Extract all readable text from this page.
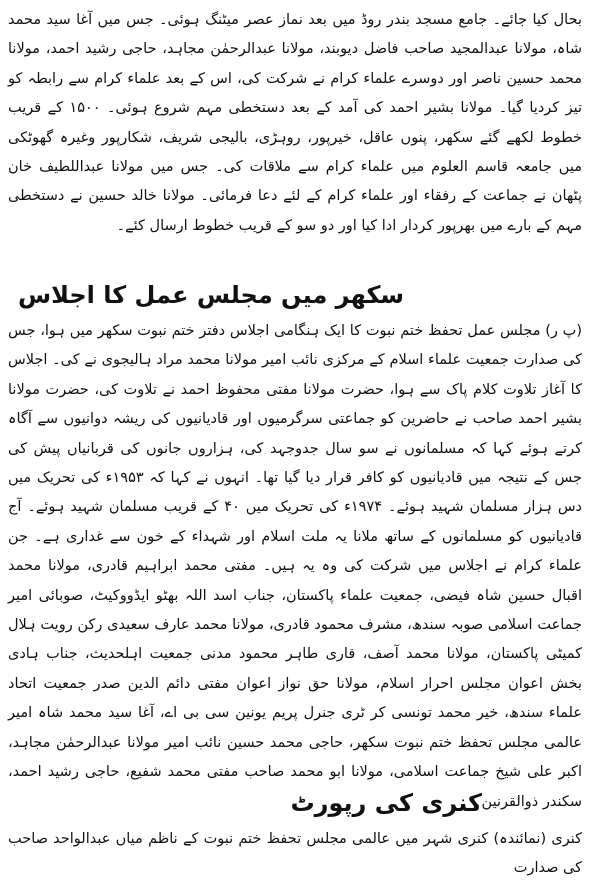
بحال کیا جائے۔ جامع مسجد بندر روڈ میں بعد نماز عصر میٹنگ ہوئی۔ جس میں آغا سید محمد شاہ، مولانا عبدالمجید صاحب فاضل دیوبند، مولانا عبدالرحمٰن مجاہد، حاجی رشید احمد، مولانا محمد حسین ناصر اور دوسرے علماء کرام نے شرکت کی، اس کے بعد علماء کرام سے رابطہ کو تیز کردیا گیا۔ مولانا بشیر احمد کی آمد کے بعد دستخطی مہم شروع ہوئی۔ ۱۵۰۰ کے قریب خطوط لکھے گئے سکھر، پنوں عاقل، خیرپور، روہڑی، بالیجی شریف، شکارپور وغیرہ گھوٹکی میں جامعہ قاسم العلوم میں علماء کرام سے ملاقات کی۔ جس میں مولانا عبداللطیف خان پٹھان نے جماعت کے رفقاء اور علماء کرام کے لئے دعا فرمائی۔ مولانا خالد حسین نے دستخطی مہم کے بارے میں بھرپور کردار ادا کیا اور دو سو کے قریب خطوط ارسال کئے۔

سکھر میں مجلس عمل کا اجلاس

(پ ر) مجلس عمل تحفظ ختم نبوت کا ایک ہنگامی اجلاس دفتر ختم نبوت سکھر میں ہوا، جس کی صدارت جمعیت علماء اسلام کے مرکزی نائب امیر مولانا محمد مراد ہالیجوی نے کی۔ اجلاس کا آغاز تلاوت کلام پاک سے ہوا، حضرت مولانا مفتی محفوظ احمد نے تلاوت کی، حضرت مولانا بشیر احمد صاحب نے حاضرین کو جماعتی سرگرمیوں اور قادیانیوں کی ریشہ دوانیوں سے آگاہ کرتے ہوئے کہا کہ مسلمانوں نے سو سال جدوجہد کی، ہزاروں جانوں کی قربانیاں پیش کی جس کے نتیجہ میں قادیانیوں کو کافر قرار دیا گیا تھا۔ انہوں نے کہا کہ ۱۹۵۳ء کی تحریک میں دس ہزار مسلمان شہید ہوئے۔ ۱۹۷۴ء کی تحریک میں ۴۰ کے قریب مسلمان شہید ہوئے۔ آج قادیانیوں کو مسلمانوں کے ساتھ ملانا یہ ملت اسلام اور شہداء کے خون سے غداری ہے۔ جن علماء کرام نے اجلاس میں شرکت کی وہ یہ ہیں۔ مفتی محمد ابراہیم قادری، مولانا محمد اقبال حسین شاہ فیضی، جمعیت علماء پاکستان، جناب اسد اللہ بھٹو ایڈووکیٹ، صوبائی امیر جماعت اسلامی صوبہ سندھ، مشرف محمود قادری، مولانا محمد عارف سعیدی رکن رویت ہلال کمیٹی پاکستان، مولانا محمد آصف، قاری طاہر محمود مدنی جمعیت اہلحدیث، جناب ہادی بخش اعوان مجلس احرار اسلام، مولانا حق نواز اعوان مفتی دائم الدین صدر جمعیت اتحاد علماء سندھ، خیر محمد تونسی کر ٹری جنرل پریم یونین سی بی اے، آغا سید محمد شاہ امیر عالمی مجلس تحفظ ختم نبوت سکھر، حاجی محمد حسین نائب امیر مولانا عبدالرحمٰن مجاہد، اکبر علی شیخ جماعت اسلامی، مولانا ابو محمد صاحب مفتی محمد شفیع، حاجی رشید احمد، سکندر ذوالقرنین۔

کنری کی رپورٹ

کنری (نمائندہ) کنری شہر میں عالمی مجلس تحفظ ختم نبوت کے ناظم میاں عبدالواحد صاحب کی صدارت
